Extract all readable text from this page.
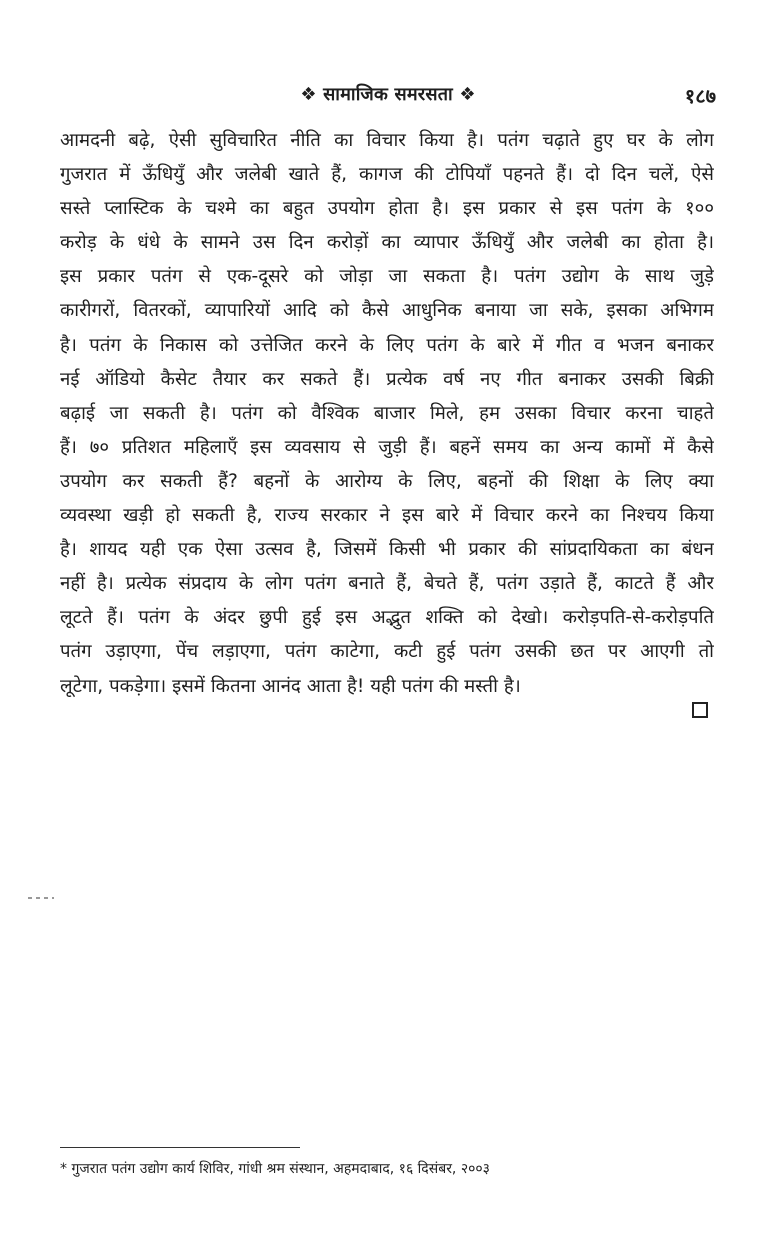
❖ सामाजिक समरसता ❖	१८७
आमदनी बढ़े, ऐसी सुविचारित नीति का विचार किया है। पतंग चढ़ाते हुए घर के लोग
गुजरात में ऊँधियुँ और जलेबी खाते हैं, कागज की टोपियाँ पहनते हैं। दो दिन चलें, ऐसे
सस्ते प्लास्टिक के चश्मे का बहुत उपयोग होता है। इस प्रकार से इस पतंग के १००
करोड़ के धंधे के सामने उस दिन करोड़ों का व्यापार ऊँधियुँ और जलेबी का होता है।
इस प्रकार पतंग से एक-दूसरे को जोड़ा जा सकता है। पतंग उद्योग के साथ जुड़े
कारीगरों, वितरकों, व्यापारियों आदि को कैसे आधुनिक बनाया जा सके, इसका अभिगम
है। पतंग के निकास को उत्तेजित करने के लिए पतंग के बारे में गीत व भजन बनाकर
नई ऑडियो कैसेट तैयार कर सकते हैं। प्रत्येक वर्ष नए गीत बनाकर उसकी बिक्री
बढ़ाई जा सकती है। पतंग को वैश्विक बाजार मिले, हम उसका विचार करना चाहते
हैं। ७० प्रतिशत महिलाएँ इस व्यवसाय से जुड़ी हैं। बहनें समय का अन्य कामों में कैसे
उपयोग कर सकती हैं? बहनों के आरोग्य के लिए, बहनों की शिक्षा के लिए क्या
व्यवस्था खड़ी हो सकती है, राज्य सरकार ने इस बारे में विचार करने का निश्चय किया
है। शायद यही एक ऐसा उत्सव है, जिसमें किसी भी प्रकार की सांप्रदायिकता का बंधन
नहीं है। प्रत्येक संप्रदाय के लोग पतंग बनाते हैं, बेचते हैं, पतंग उड़ाते हैं, काटते हैं और
लूटते हैं। पतंग के अंदर छुपी हुई इस अद्भुत शक्ति को देखो। करोड़पति-से-करोड़पति
पतंग उड़ाएगा, पेंच लड़ाएगा, पतंग काटेगा, कटी हुई पतंग उसकी छत पर आएगी तो
लूटेगा, पकड़ेगा। इसमें कितना आनंद आता है! यही पतंग की मस्ती है।
* गुजरात पतंग उद्योग कार्य शिविर, गांधी श्रम संस्थान, अहमदाबाद, १६ दिसंबर, २००३
